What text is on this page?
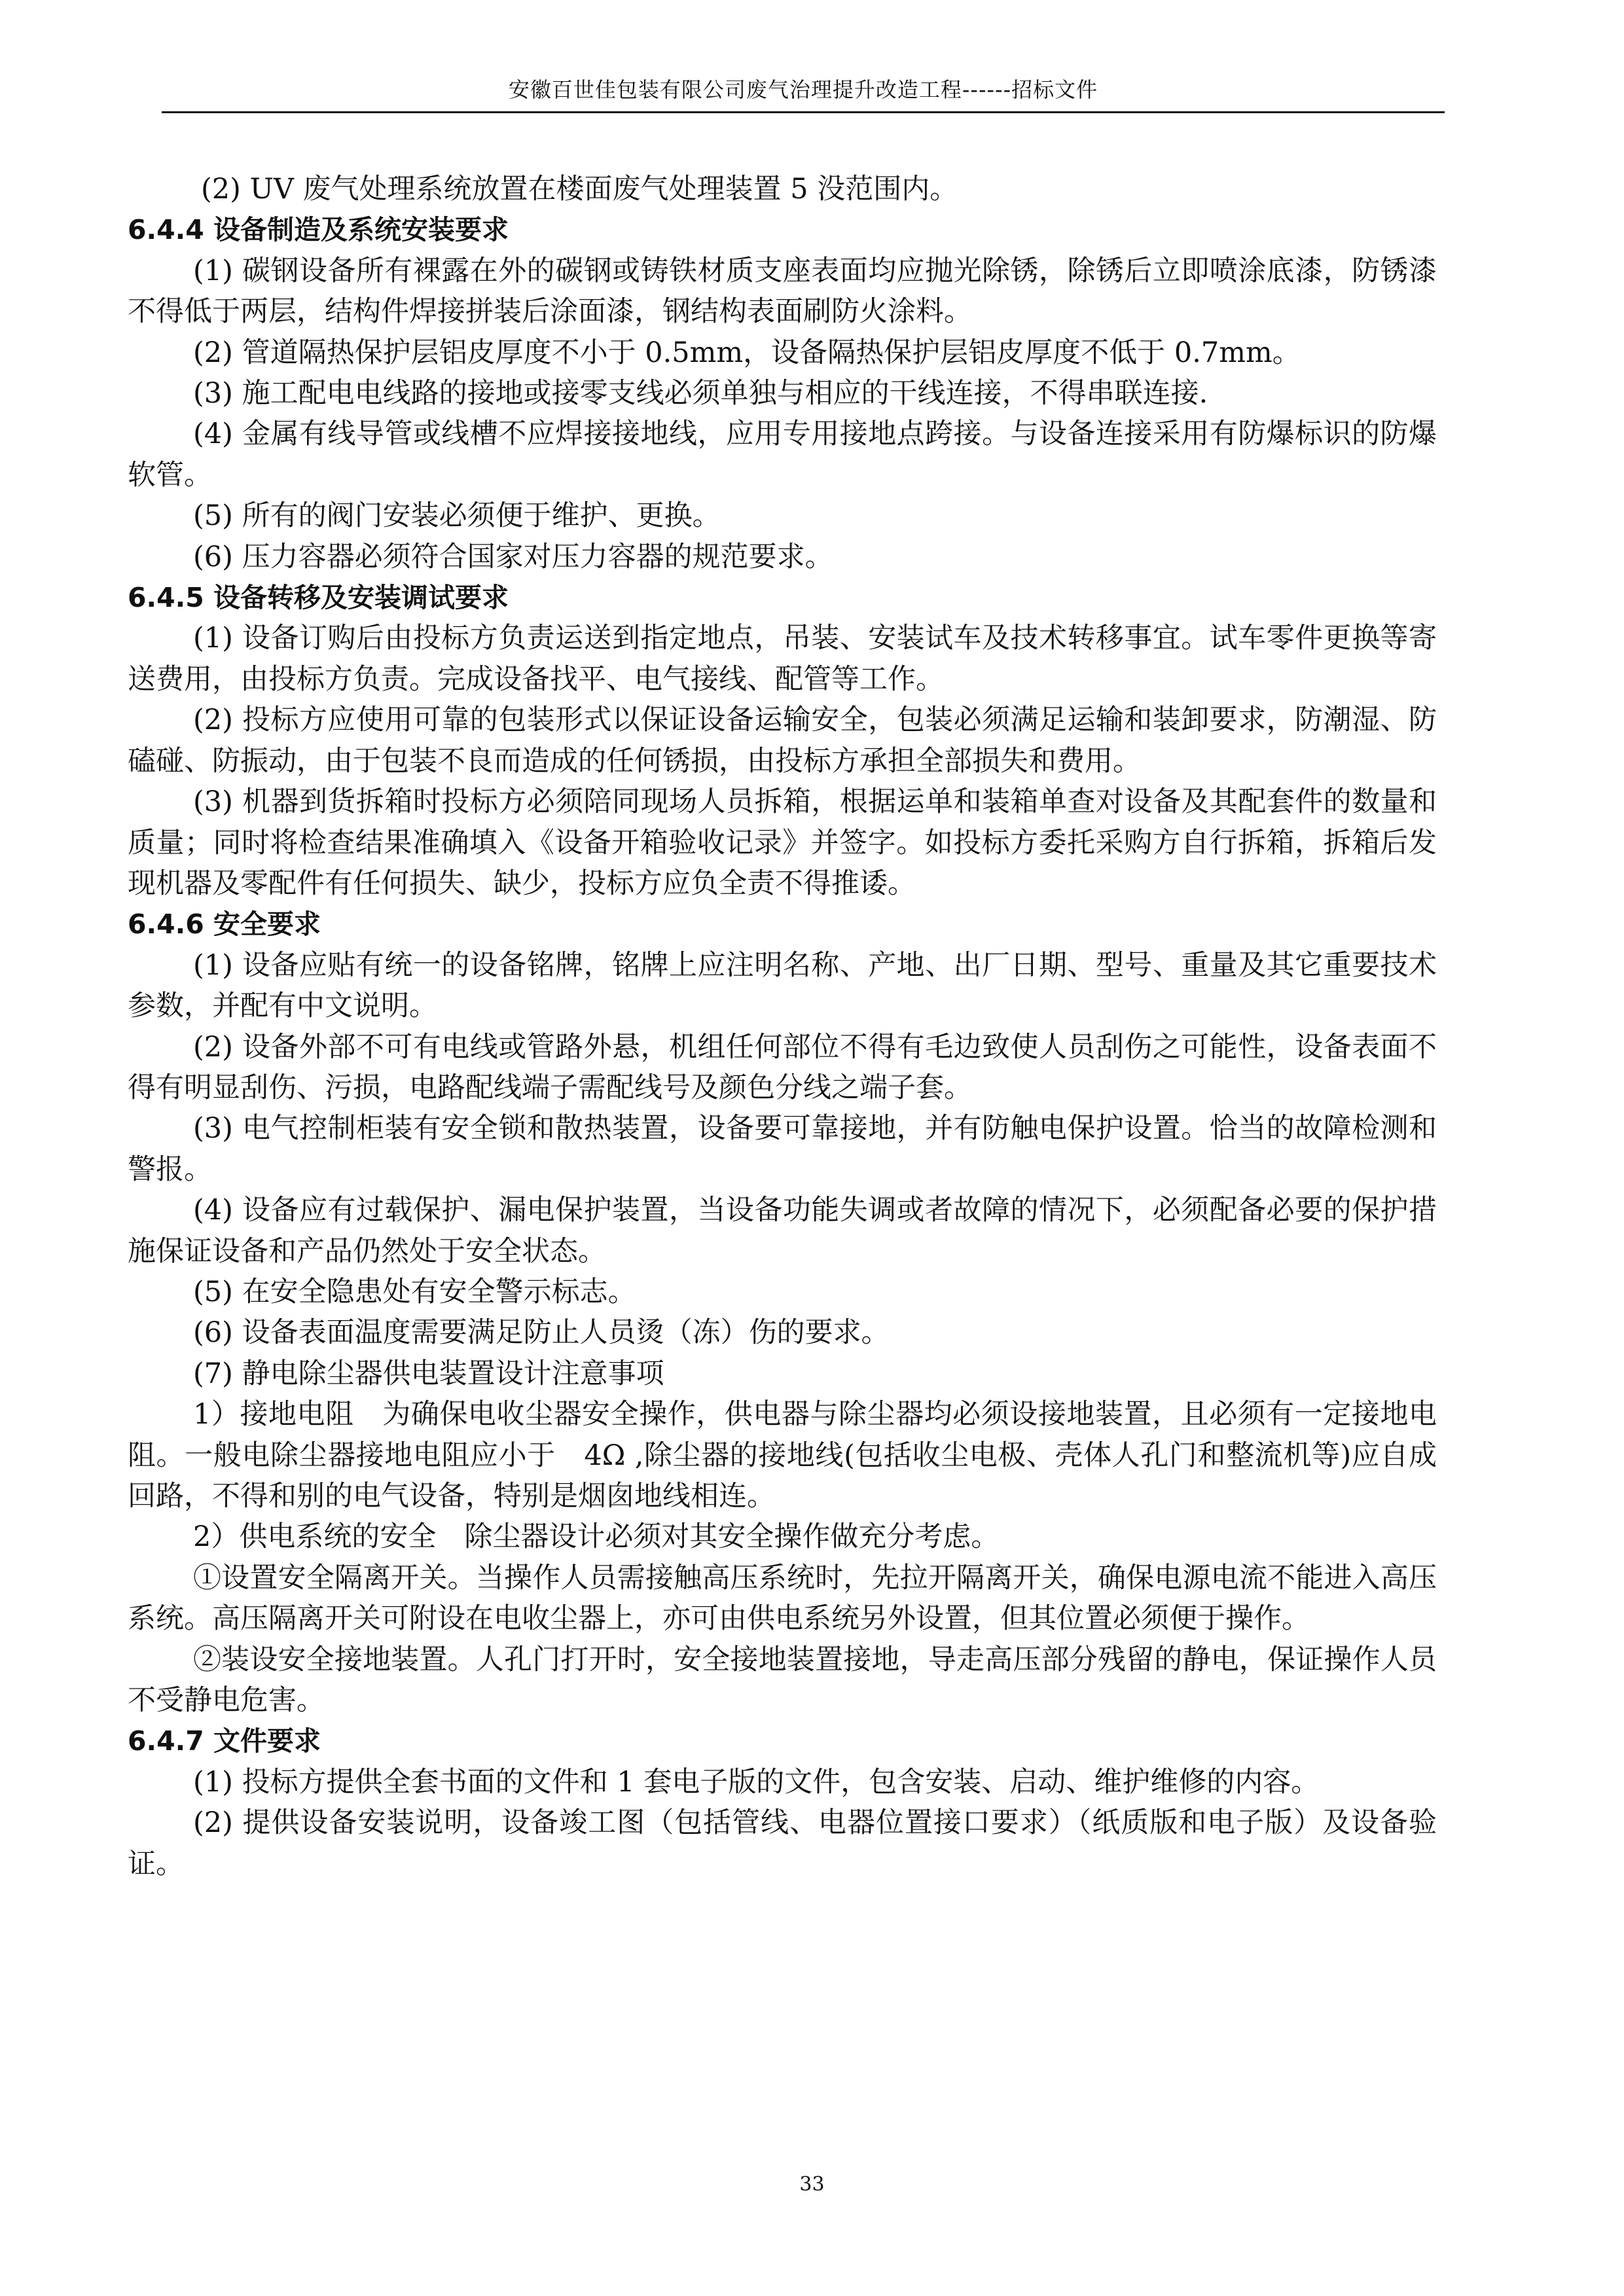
安徽百世佳包装有限公司废气治理提升改造工程------招标文件

(2) UV 废气处理系统放置在楼面废气处理装置 5 没范围内。

6.4.4 设备制造及系统安装要求

(1) 碳钢设备所有裸露在外的碳钢或铸铁材质支座表面均应抛光除锈，除锈后立即喷涂底漆，防锈漆不得低于两层，结构件焊接拼装后涂面漆，钢结构表面刷防火涂料。

(2) 管道隔热保护层铝皮厚度不小于 0.5mm，设备隔热保护层铝皮厚度不低于 0.7mm。

(3) 施工配电电线路的接地或接零支线必须单独与相应的干线连接，不得串联连接.

(4) 金属有线导管或线槽不应焊接接地线，应用专用接地点跨接。与设备连接采用有防爆标识的防爆软管。

(5) 所有的阀门安装必须便于维护、更换。

(6) 压力容器必须符合国家对压力容器的规范要求。

6.4.5 设备转移及安装调试要求

(1) 设备订购后由投标方负责运送到指定地点，吊装、安装试车及技术转移事宜。试车零件更换等寄送费用，由投标方负责。完成设备找平、电气接线、配管等工作。

(2) 投标方应使用可靠的包装形式以保证设备运输安全，包装必须满足运输和装卸要求，防潮湿、防磕碰、防振动，由于包装不良而造成的任何锈损，由投标方承担全部损失和费用。

(3) 机器到货拆箱时投标方必须陪同现场人员拆箱，根据运单和装箱单查对设备及其配套件的数量和质量；同时将检查结果准确填入《设备开箱验收记录》并签字。如投标方委托采购方自行拆箱，拆箱后发现机器及零配件有任何损失、缺少，投标方应负全责不得推诿。

6.4.6 安全要求

(1) 设备应贴有统一的设备铭牌，铭牌上应注明名称、产地、出厂日期、型号、重量及其它重要技术参数，并配有中文说明。

(2) 设备外部不可有电线或管路外悬，机组任何部位不得有毛边致使人员刮伤之可能性，设备表面不得有明显刮伤、污损，电路配线端子需配线号及颜色分线之端子套。

(3) 电气控制柜装有安全锁和散热装置，设备要可靠接地，并有防触电保护设置。恰当的故障检测和警报。

(4) 设备应有过载保护、漏电保护装置，当设备功能失调或者故障的情况下，必须配备必要的保护措施保证设备和产品仍然处于安全状态。

(5) 在安全隐患处有安全警示标志。

(6) 设备表面温度需要满足防止人员烫（冻）伤的要求。

(7) 静电除尘器供电装置设计注意事项

1）接地电阻　为确保电收尘器安全操作，供电器与除尘器均必须设接地装置，且必须有一定接地电阻。一般电除尘器接地电阻应小于　4Ω ,除尘器的接地线(包括收尘电极、壳体人孔门和整流机等)应自成回路，不得和别的电气设备，特别是烟囱地线相连。

2）供电系统的安全　除尘器设计必须对其安全操作做充分考虑。

①设置安全隔离开关。当操作人员需接触高压系统时，先拉开隔离开关，确保电源电流不能进入高压系统。高压隔离开关可附设在电收尘器上，亦可由供电系统另外设置，但其位置必须便于操作。

②装设安全接地装置。人孔门打开时，安全接地装置接地，导走高压部分残留的静电，保证操作人员不受静电危害。

6.4.7 文件要求

(1) 投标方提供全套书面的文件和 1 套电子版的文件，包含安装、启动、维护维修的内容。

(2) 提供设备安装说明，设备竣工图（包括管线、电器位置接口要求）（纸质版和电子版）及设备验证。

33
